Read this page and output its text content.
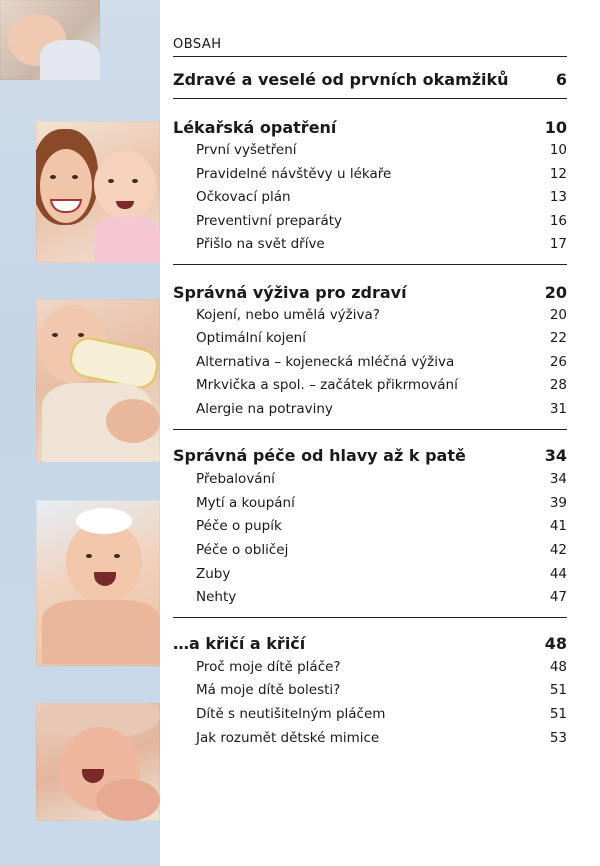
OBSAH
Zdravé a veselé od prvních okamžiků	6
Lékařská opatření	10
První vyšetření	10
Pravidelné návštěvy u lékaře	12
Očkovací plán	13
Preventivní preparáty	16
Přišlo na svět dříve	17
Správná výživa pro zdraví	20
Kojení, nebo umělá výživa?	20
Optimální kojení	22
Alternativa – kojenecká mléčná výživa	26
Mrkvička a spol. – začátek přikrmování	28
Alergie na potraviny	31
Správná péče od hlavy až k patě	34
Přebalování	34
Mytí a koupání	39
Péče o pupík	41
Péče o obličej	42
Zuby	44
Nehty	47
…a křičí a křičí	48
Proč moje dítě pláče?	48
Má moje dítě bolesti?	51
Dítě s neutišitelným pláčem	51
Jak rozumět dětské mimice	53
